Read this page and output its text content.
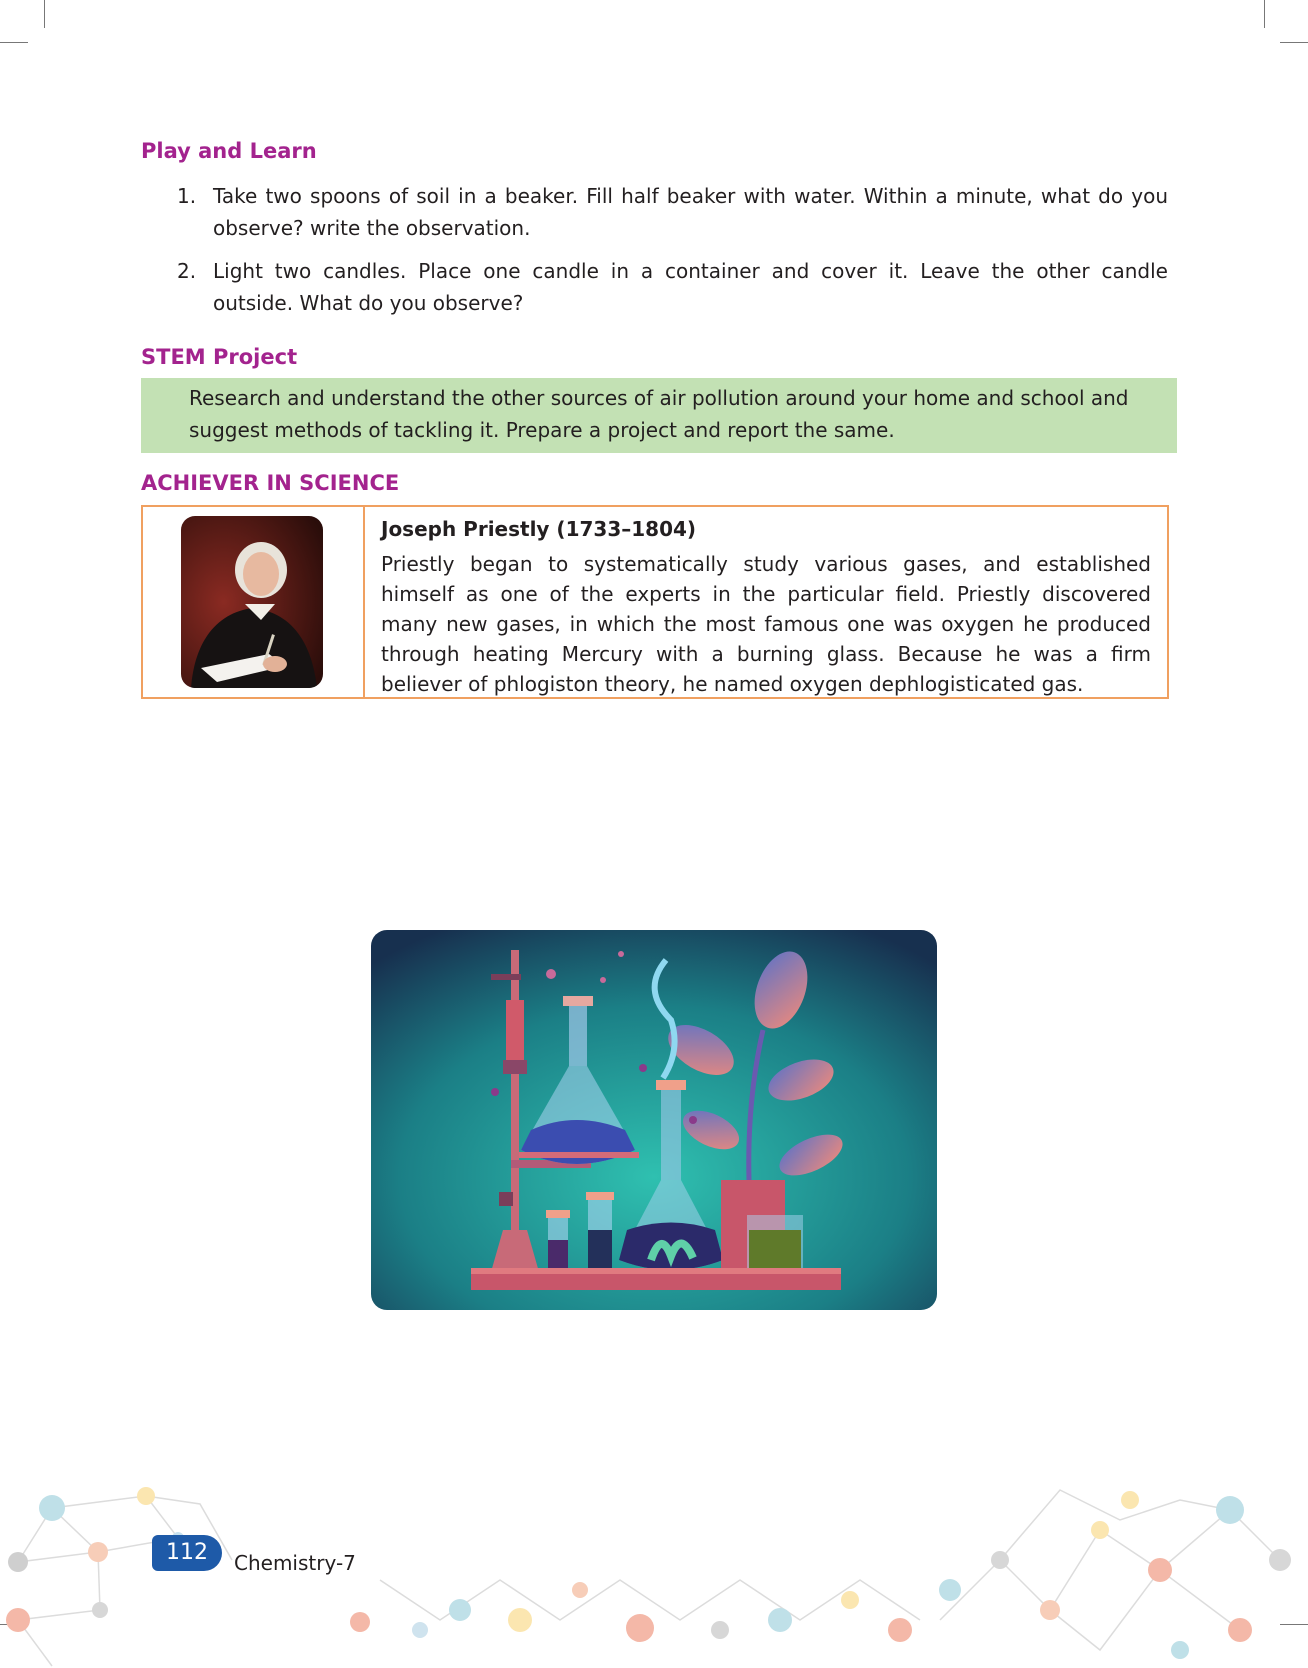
Play and Learn
1. Take two spoons of soil in a beaker. Fill half beaker with water. Within a minute, what do you observe? write the observation.
2. Light two candles. Place one candle in a container and cover it. Leave the other candle outside. What do you observe?
STEM Project

Research and understand the other sources of air pollution around your home and school and suggest methods of tackling it. Prepare a project and report the same.

ACHIEVER IN SCIENCE
Joseph Priestly (1733–1804)

Priestly began to systematically study various gases, and established himself as one of the experts in the particular field. Priestly discovered many new gases, in which the most famous one was oxygen he produced through heating Mercury with a burning glass. Because he was a firm believer of phlogiston theory, he named oxygen dephlogisticated gas.

112	Chemistry-7
